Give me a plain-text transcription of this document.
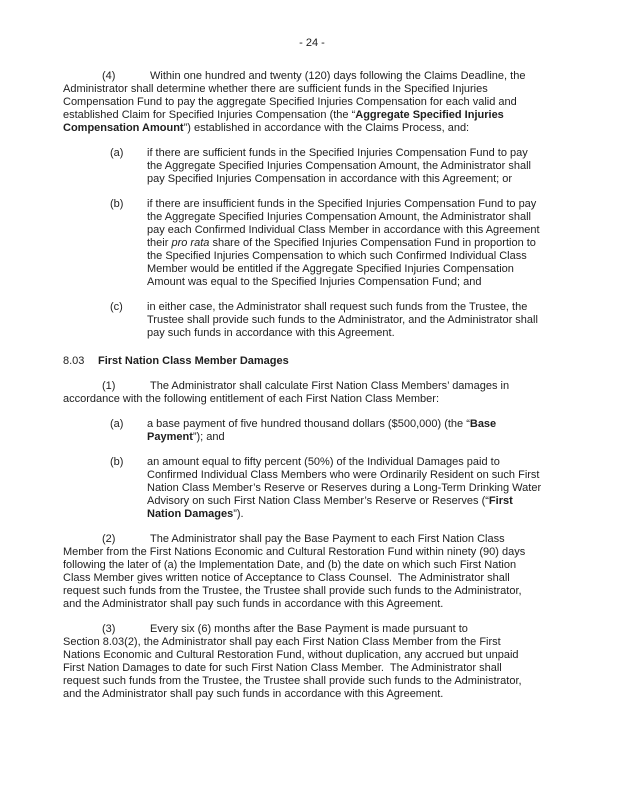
- 24 -
(4)	Within one hundred and twenty (120) days following the Claims Deadline, the
Administrator shall determine whether there are sufficient funds in the Specified Injuries
Compensation Fund to pay the aggregate Specified Injuries Compensation for each valid and
established Claim for Specified Injuries Compensation (the “Aggregate Specified Injuries
Compensation Amount”) established in accordance with the Claims Process, and:
(a) if there are sufficient funds in the Specified Injuries Compensation Fund to pay
the Aggregate Specified Injuries Compensation Amount, the Administrator shall
pay Specified Injuries Compensation in accordance with this Agreement; or
(b) if there are insufficient funds in the Specified Injuries Compensation Fund to pay
the Aggregate Specified Injuries Compensation Amount, the Administrator shall
pay each Confirmed Individual Class Member in accordance with this Agreement
their pro rata share of the Specified Injuries Compensation Fund in proportion to
the Specified Injuries Compensation to which such Confirmed Individual Class
Member would be entitled if the Aggregate Specified Injuries Compensation
Amount was equal to the Specified Injuries Compensation Fund; and
(c) in either case, the Administrator shall request such funds from the Trustee, the
Trustee shall provide such funds to the Administrator, and the Administrator shall
pay such funds in accordance with this Agreement.
8.03 First Nation Class Member Damages
(1)	The Administrator shall calculate First Nation Class Members’ damages in
accordance with the following entitlement of each First Nation Class Member:
(a) a base payment of five hundred thousand dollars ($500,000) (the “Base
Payment”); and
(b) an amount equal to fifty percent (50%) of the Individual Damages paid to
Confirmed Individual Class Members who were Ordinarily Resident on such First
Nation Class Member’s Reserve or Reserves during a Long-Term Drinking Water
Advisory on such First Nation Class Member’s Reserve or Reserves (“First
Nation Damages”).
(2)	The Administrator shall pay the Base Payment to each First Nation Class
Member from the First Nations Economic and Cultural Restoration Fund within ninety (90) days
following the later of (a) the Implementation Date, and (b) the date on which such First Nation
Class Member gives written notice of Acceptance to Class Counsel.  The Administrator shall
request such funds from the Trustee, the Trustee shall provide such funds to the Administrator,
and the Administrator shall pay such funds in accordance with this Agreement.
(3)	Every six (6) months after the Base Payment is made pursuant to
Section 8.03(2), the Administrator shall pay each First Nation Class Member from the First
Nations Economic and Cultural Restoration Fund, without duplication, any accrued but unpaid
First Nation Damages to date for such First Nation Class Member.  The Administrator shall
request such funds from the Trustee, the Trustee shall provide such funds to the Administrator,
and the Administrator shall pay such funds in accordance with this Agreement.
